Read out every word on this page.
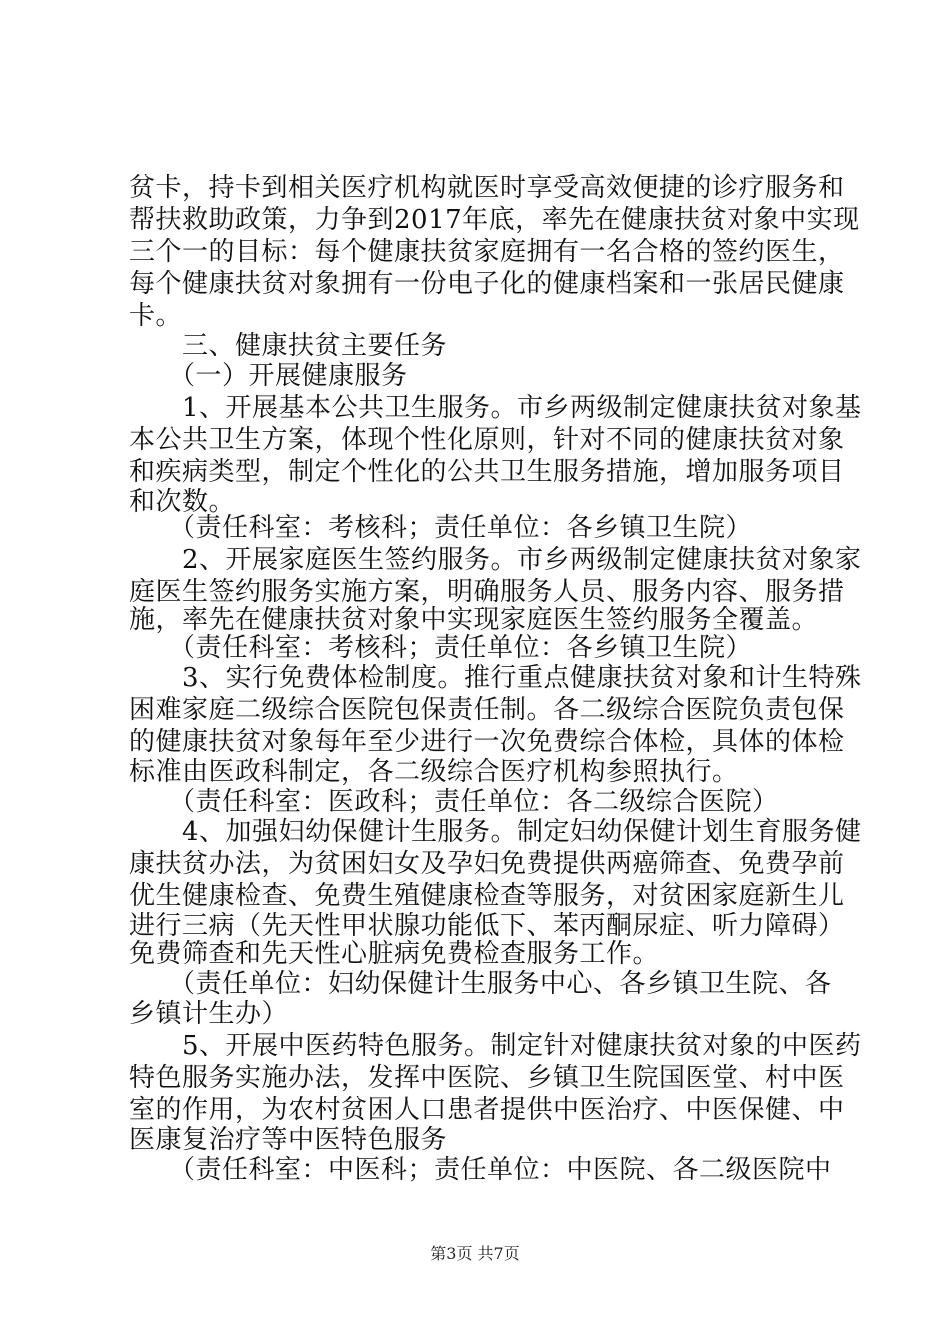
贫卡，持卡到相关医疗机构就医时享受高效便捷的诊疗服务和
帮扶救助政策，力争到2017年底，率先在健康扶贫对象中实现
三个一的目标：每个健康扶贫家庭拥有一名合格的签约医生，
每个健康扶贫对象拥有一份电子化的健康档案和一张居民健康
卡。
　　三、健康扶贫主要任务
　　（一）开展健康服务
　　1、开展基本公共卫生服务。市乡两级制定健康扶贫对象基
本公共卫生方案，体现个性化原则，针对不同的健康扶贫对象
和疾病类型，制定个性化的公共卫生服务措施，增加服务项目
和次数。
　　（责任科室：考核科；责任单位：各乡镇卫生院）
　　2、开展家庭医生签约服务。市乡两级制定健康扶贫对象家
庭医生签约服务实施方案，明确服务人员、服务内容、服务措
施，率先在健康扶贫对象中实现家庭医生签约服务全覆盖。
　　（责任科室：考核科；责任单位：各乡镇卫生院）
　　3、实行免费体检制度。推行重点健康扶贫对象和计生特殊
困难家庭二级综合医院包保责任制。各二级综合医院负责包保
的健康扶贫对象每年至少进行一次免费综合体检，具体的体检
标准由医政科制定，各二级综合医疗机构参照执行。
　　（责任科室：医政科；责任单位：各二级综合医院）
　　4、加强妇幼保健计生服务。制定妇幼保健计划生育服务健
康扶贫办法，为贫困妇女及孕妇免费提供两癌筛查、免费孕前
优生健康检查、免费生殖健康检查等服务，对贫困家庭新生儿
进行三病（先天性甲状腺功能低下、苯丙酮尿症、听力障碍）
免费筛查和先天性心脏病免费检查服务工作。
　　（责任单位：妇幼保健计生服务中心、各乡镇卫生院、各
乡镇计生办）
　　5、开展中医药特色服务。制定针对健康扶贫对象的中医药
特色服务实施办法，发挥中医院、乡镇卫生院国医堂、村中医
室的作用，为农村贫困人口患者提供中医治疗、中医保健、中
医康复治疗等中医特色服务
　　（责任科室：中医科；责任单位：中医院、各二级医院中
第3页 共7页
